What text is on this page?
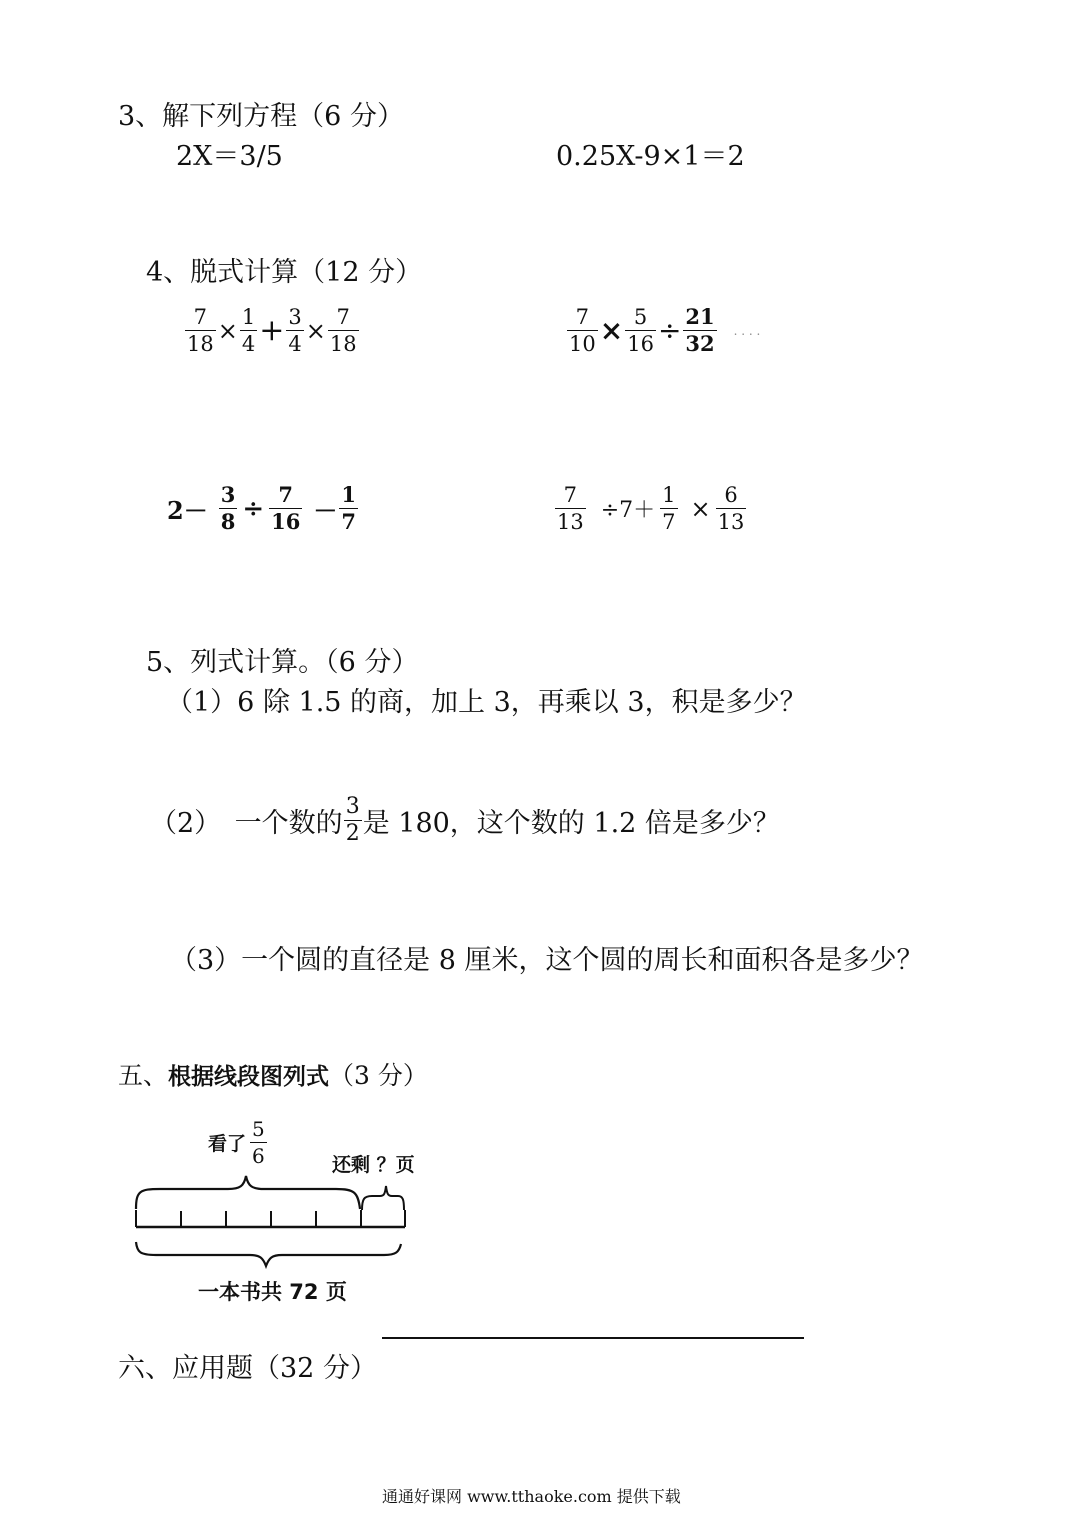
3、解下列方程（6 分）
2X＝3/5	0.25X-9×1＝2
4、脱式计算（12 分）
$\frac{7}{18} \times \frac{1}{4} + \frac{3}{4} \times \frac{7}{18}$	$\frac{7}{10} \times \frac{5}{16} \div \frac{21}{32}$ . . . .
$2- \frac{3}{8} \div \frac{7}{16} - \frac{1}{7}$	$\frac{7}{13} \div 7+ \frac{1}{7} \times \frac{6}{13}$
5、列式计算。（6 分）
（1）6 除 1.5 的商，加上 3，再乘以 3，积是多少？
（2）　一个数的 $\frac{3}{2}$ 是 180，这个数的 1.2 倍是多少？
（3）一个圆的直径是 8 厘米，这个圆的周长和面积各是多少？
五、根据线段图列式（3 分）
看了 $\frac{5}{6}$	还剩 ？页
一本书共 72 页
六、应用题（32 分）
通通好课网 www.tthaoke.com 提供下载
